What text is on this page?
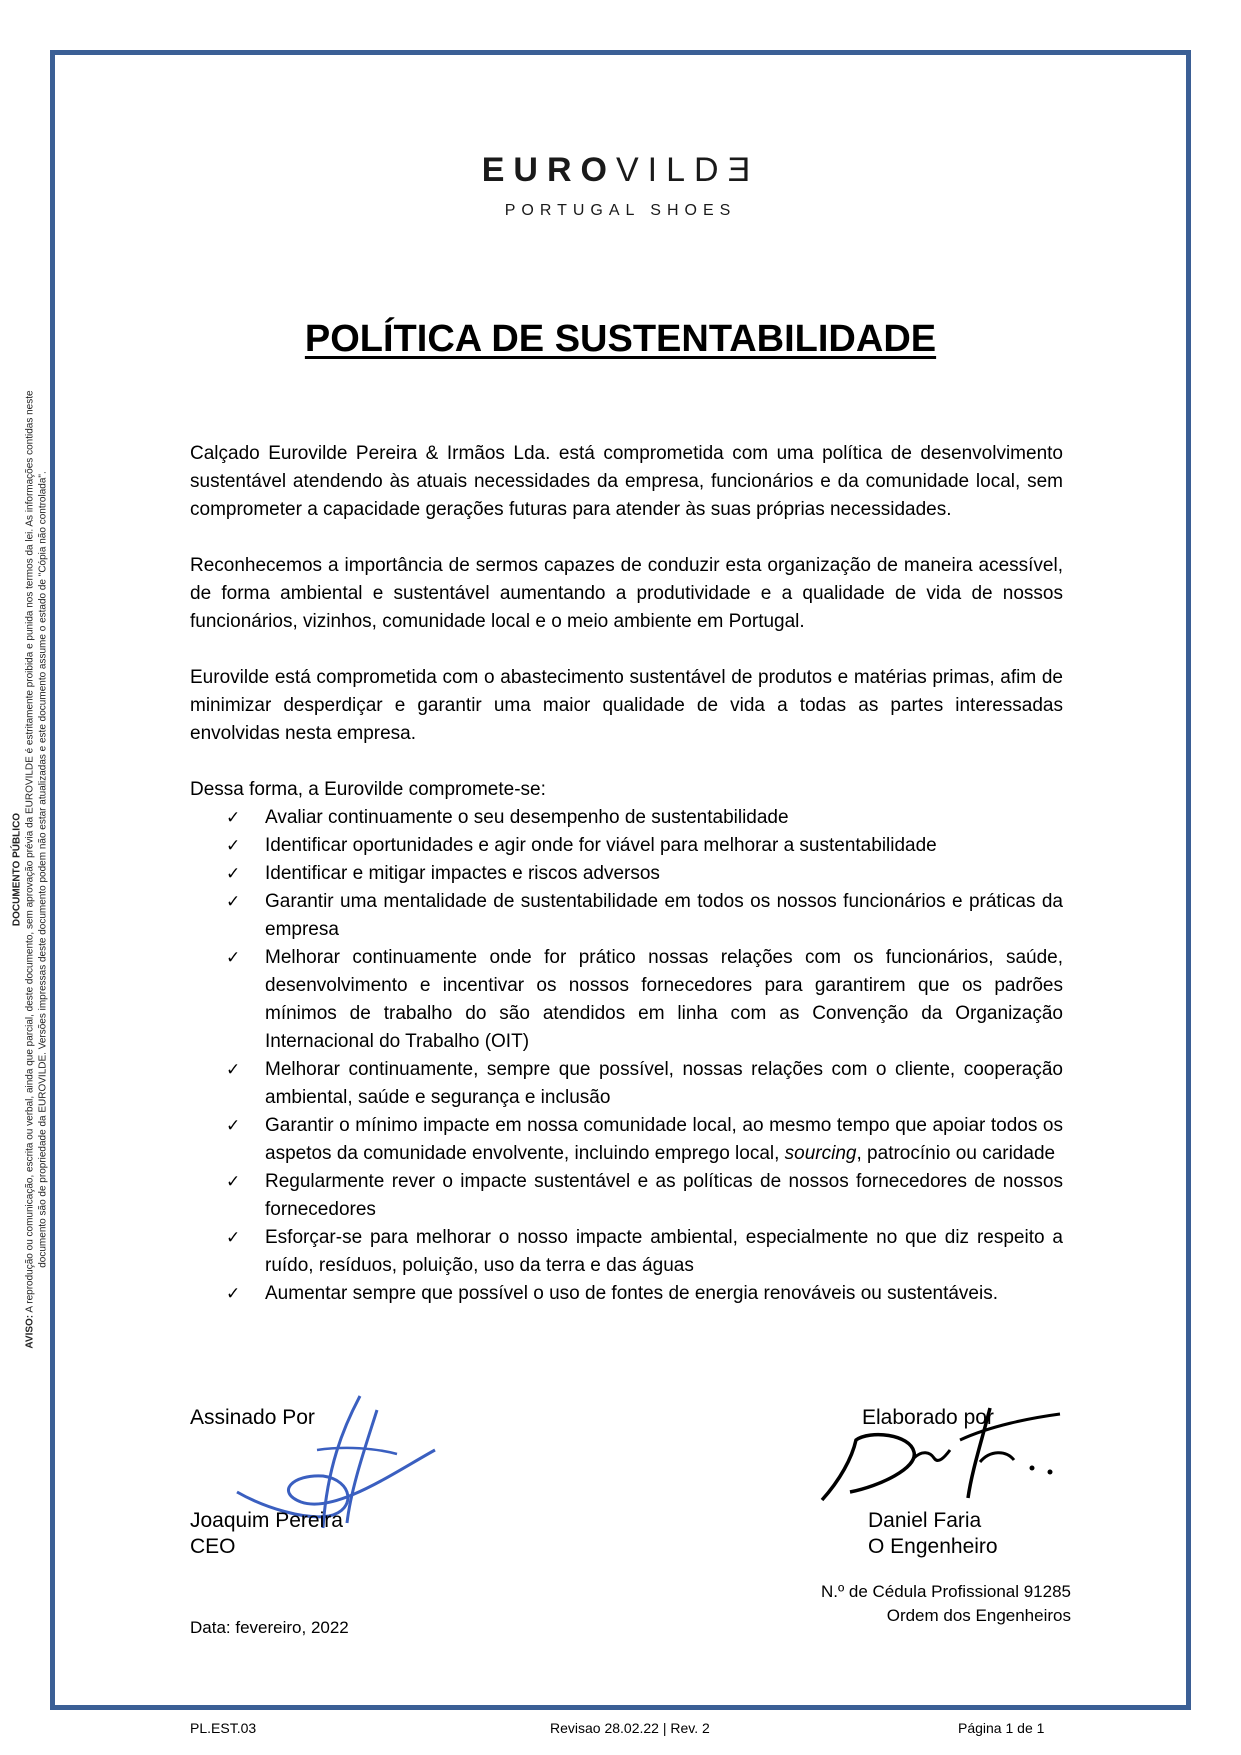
DOCUMENTO PÚBLICO
AVISO: A reprodução ou comunicação, escrita ou verbal, ainda que parcial, deste documento, sem aprovação prévia da EUROVILDE é estritamente proibida e punida nos termos da lei. As informações contidas neste documento são de propriedade da EUROVILDE. Versões impressas deste documento podem não estar atualizadas e este documento assume o estado de "Cópia não controlada".
EUROVILDƎ
PORTUGAL SHOES
POLÍTICA DE SUSTENTABILIDADE

Calçado Eurovilde Pereira & Irmãos Lda. está comprometida com uma política de desenvolvimento sustentável atendendo às atuais necessidades da empresa, funcionários e da comunidade local, sem comprometer a capacidade gerações futuras para atender às suas próprias necessidades.

Reconhecemos a importância de sermos capazes de conduzir esta organização de maneira acessível, de forma ambiental e sustentável aumentando a produtividade e a qualidade de vida de nossos funcionários, vizinhos, comunidade local e o meio ambiente em Portugal.

Eurovilde está comprometida com o abastecimento sustentável de produtos e matérias primas, afim de minimizar desperdiçar e garantir uma maior qualidade de vida a todas as partes interessadas envolvidas nesta empresa.

Dessa forma, a Eurovilde compromete-se:

✓ Avaliar continuamente o seu desempenho de sustentabilidade
✓ Identificar oportunidades e agir onde for viável para melhorar a sustentabilidade
✓ Identificar e mitigar impactes e riscos adversos
✓ Garantir uma mentalidade de sustentabilidade em todos os nossos funcionários e práticas da empresa
✓ Melhorar continuamente onde for prático nossas relações com os funcionários, saúde, desenvolvimento e incentivar os nossos fornecedores para garantirem que os padrões mínimos de trabalho do são atendidos em linha com as Convenção da Organização Internacional do Trabalho (OIT)
✓ Melhorar continuamente, sempre que possível, nossas relações com o cliente, cooperação ambiental, saúde e segurança e inclusão
✓ Garantir o mínimo impacte em nossa comunidade local, ao mesmo tempo que apoiar todos os aspetos da comunidade envolvente, incluindo emprego local, sourcing, patrocínio ou caridade
✓ Regularmente rever o impacte sustentável e as políticas de nossos fornecedores de nossos fornecedores
✓ Esforçar-se para melhorar o nosso impacte ambiental, especialmente no que diz respeito a ruído, resíduos, poluição, uso da terra e das águas
✓ Aumentar sempre que possível o uso de fontes de energia renováveis ou sustentáveis.
Assinado Por
Joaquim Pereira
CEO
Elaborado por
Daniel Faria
O Engenheiro
N.º de Cédula Profissional 91285
Ordem dos Engenheiros
Data: fevereiro, 2022
PL.EST.03	Revisao 28.02.22 | Rev. 2	Página 1 de 1
